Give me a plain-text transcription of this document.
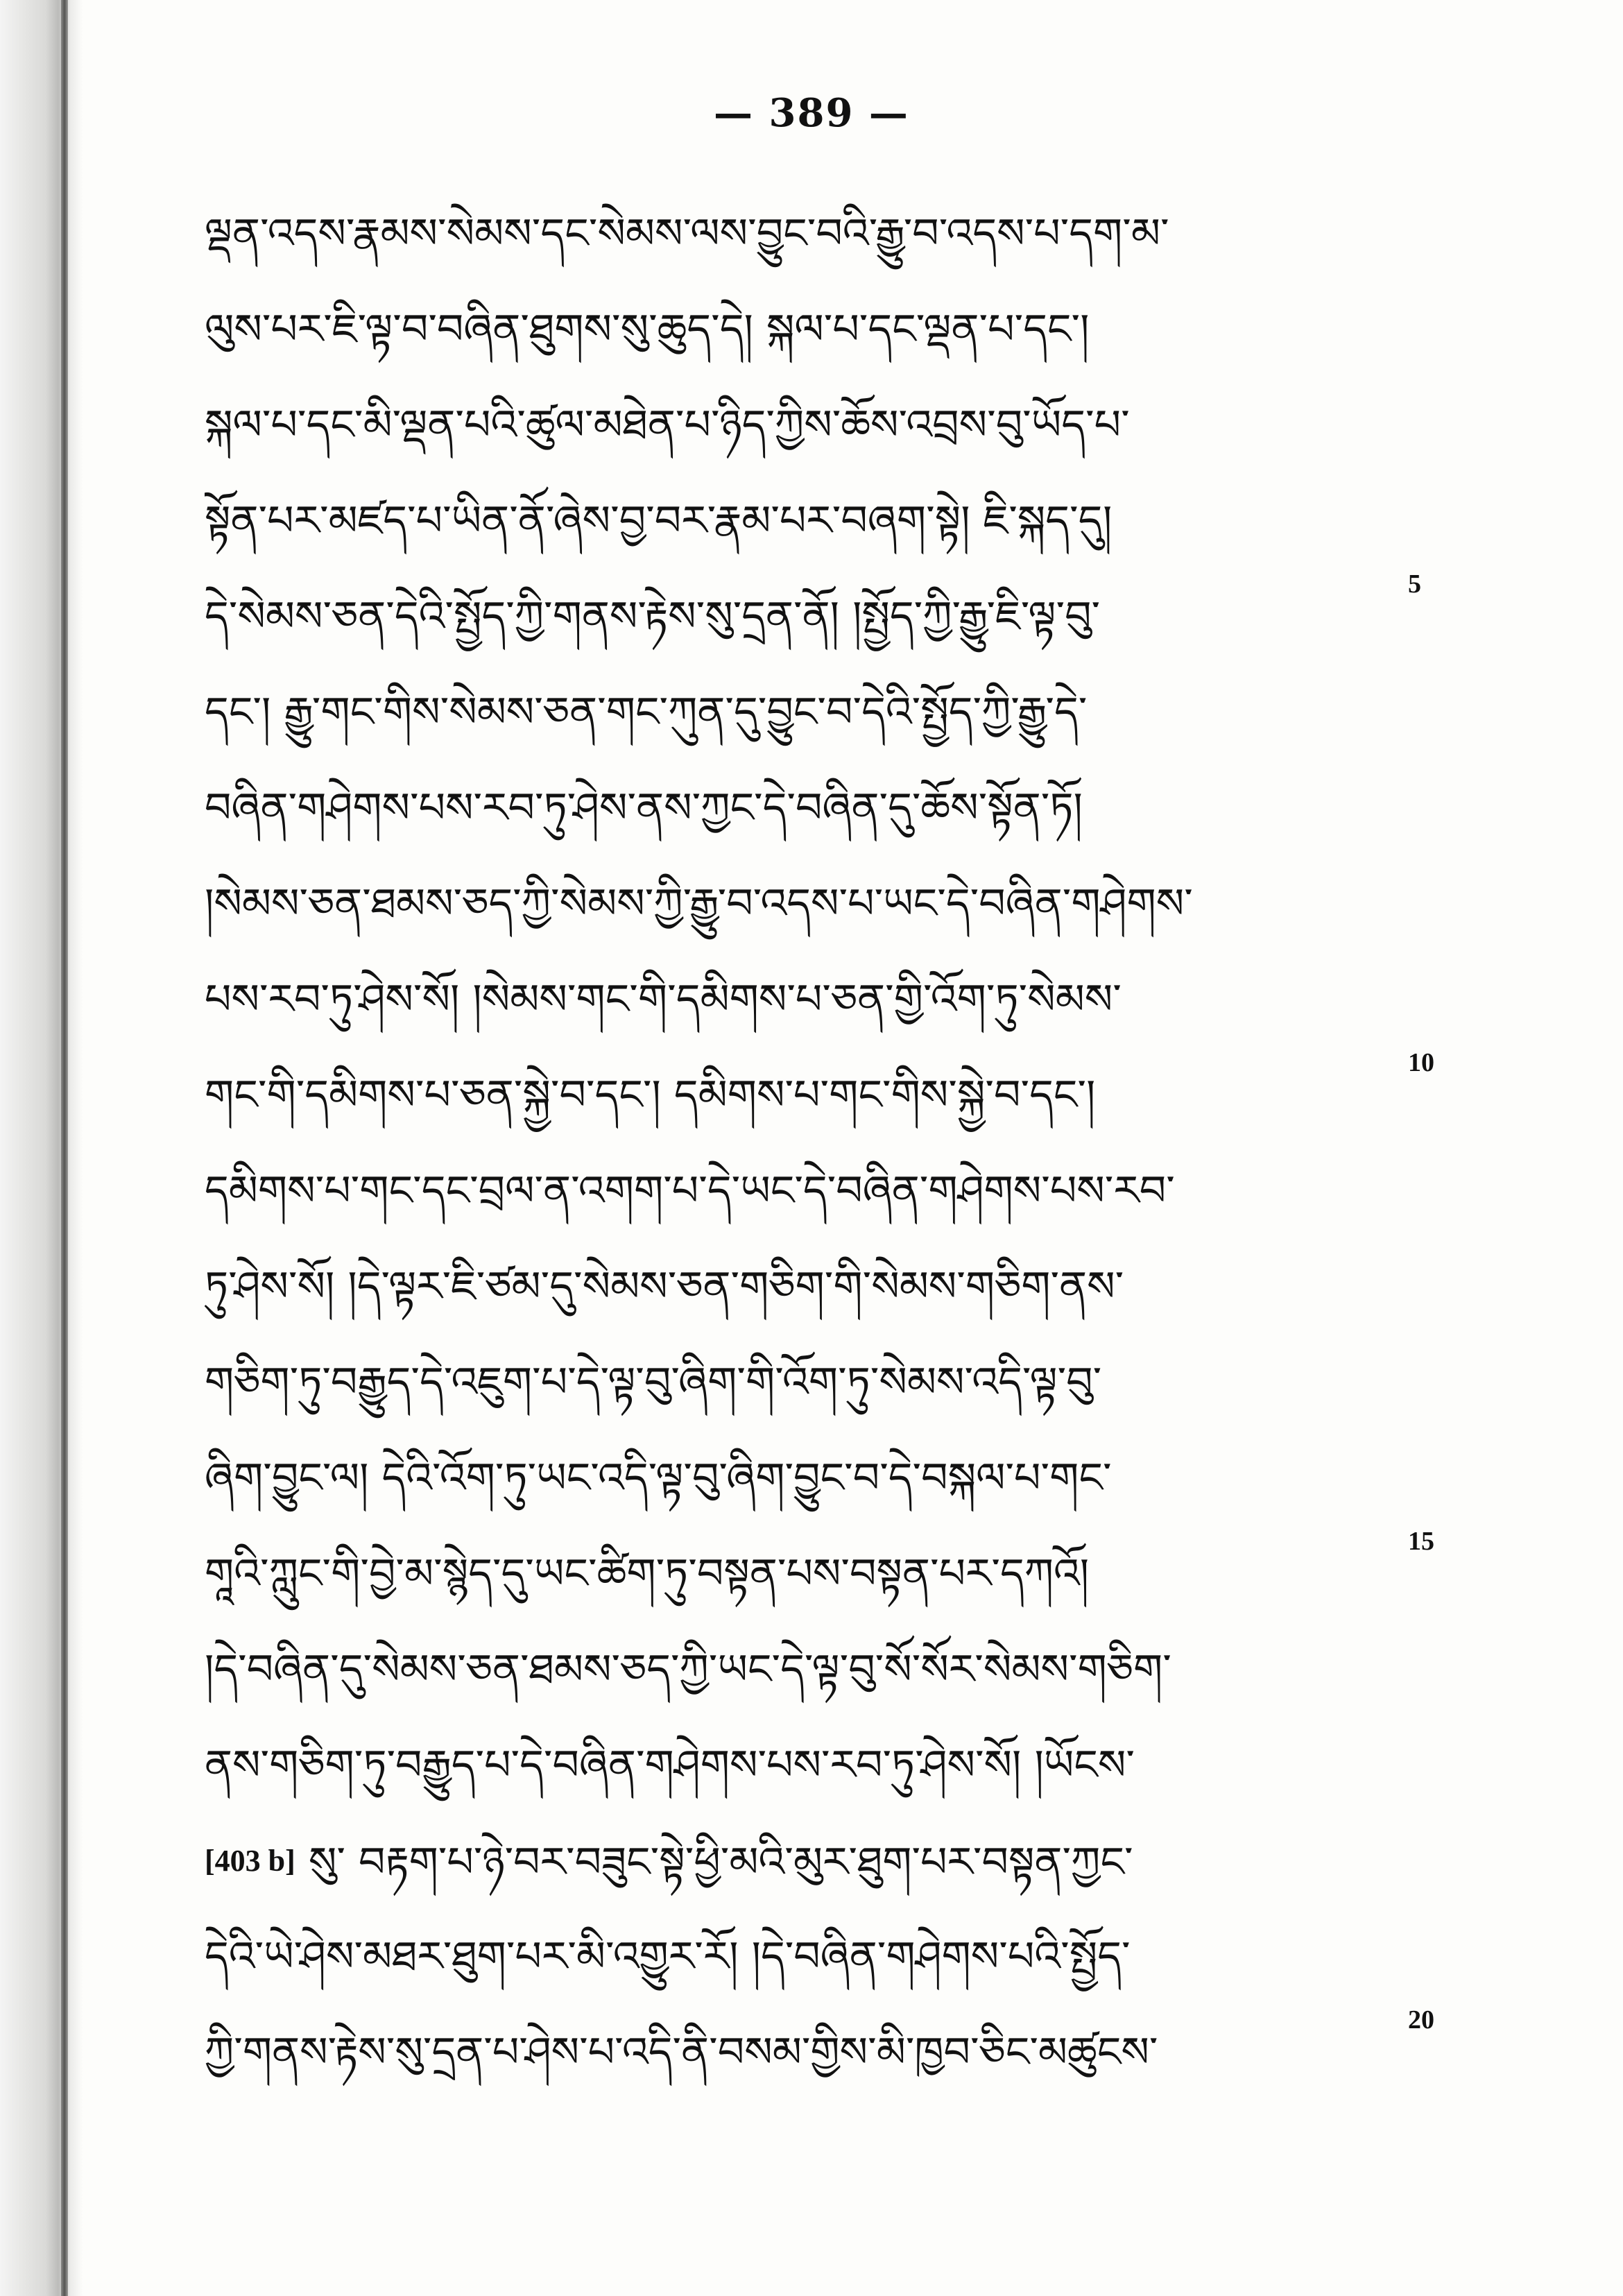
— 389 —
ལྡན་འདས་རྣམས་སེམས་དང་སེམས་ལས་བྱུང་བའི་རྒྱུ་བ་འདས་པ་དག་མ་
ལུས་པར་ཇི་ལྟ་བ་བཞིན་ཐུགས་སུ་ཆུད་དེ། སྐལ་པ་དང་ལྡན་པ་དང་།
སྐལ་པ་དང་མི་ལྡན་པའི་ཚུལ་མཐེན་པ་ཉིད་ཀྱིས་ཆོས་འབྲས་བུ་ཡོད་པ་
སྟོན་པར་མཛད་པ་ཡིན་ནོ་ཞེས་བྱ་བར་རྣམ་པར་བཞག་སྟེ། ཇི་སྐད་དུ།
དེ་སེམས་ཅན་དེའི་སྤྱོད་ཀྱི་གནས་རྟེས་སུ་དྲན་ནོ། །སྤྱོད་ཀྱི་རྒྱུ་ཇི་ལྟ་བུ་
དང་། རྒྱུ་གང་གིས་སེམས་ཅན་གང་ཀུན་དུ་བྱུང་བ་དེའི་སྤྱོད་ཀྱི་རྒྱུ་དེ་
བཞིན་གཤེགས་པས་རབ་ཏུ་ཤེས་ནས་ཀྱང་དེ་བཞིན་དུ་ཆོས་སྟོན་ཏོ།
།སེམས་ཅན་ཐམས་ཅད་ཀྱི་སེམས་ཀྱི་རྒྱུ་བ་འདས་པ་ཡང་དེ་བཞིན་གཤེགས་
པས་རབ་ཏུ་ཤེས་སོ། །སེམས་གང་གི་དམིགས་པ་ཅན་གྱི་འོག་ཏུ་སེམས་
གང་གི་དམིགས་པ་ཅན་སྐྱེ་བ་དང་། དམིགས་པ་གང་གིས་སྐྱེ་བ་དང་།
དམིགས་པ་གང་དང་བྲལ་ན་འགག་པ་དེ་ཡང་དེ་བཞིན་གཤེགས་པས་རབ་
ཏུ་ཤེས་སོ། །དེ་ལྟར་ཇི་ཙམ་དུ་སེམས་ཅན་གཅིག་གི་སེམས་གཅིག་ནས་
གཅིག་ཏུ་བརྒྱུད་དེ་འཇུག་པ་དེ་ལྟ་བུ་ཞིག་གི་འོག་ཏུ་སེམས་འདི་ལྟ་བུ་
ཞིག་བྱུང་ལ། དེའི་འོག་ཏུ་ཡང་འདི་ལྟ་བུ་ཞིག་བྱུང་བ་དེ་བསྐལ་པ་གང་
གཱའི་ཀླུང་གི་བྱེ་མ་སྙེད་དུ་ཡང་ཚིག་ཏུ་བསྟན་པས་བསྟན་པར་དཀའོ།
།དེ་བཞིན་དུ་སེམས་ཅན་ཐམས་ཅད་ཀྱི་ཡང་དེ་ལྟ་བུ་སོ་སོར་སེམས་གཅིག་
ནས་གཅིག་ཏུ་བརྒྱུད་པ་དེ་བཞིན་གཤེགས་པས་རབ་ཏུ་ཤེས་སོ། །ཡོངས་
[403 b] སུ་ བརྟག་པ་ཉེ་བར་བཟུང་སྟེ་ཕྱི་མའི་མུར་ཐུག་པར་བསྟན་ཀྱང་
དེའི་ཡེ་ཤེས་མཐར་ཐུག་པར་མི་འགྱུར་རོ། །དེ་བཞིན་གཤེགས་པའི་སྤྱོད་
ཀྱི་གནས་རྟེས་སུ་དྲན་པ་ཤེས་པ་འདི་ནི་བསམ་གྱིས་མི་ཁྱབ་ཅིང་མཚུངས་
5
10
15
20
